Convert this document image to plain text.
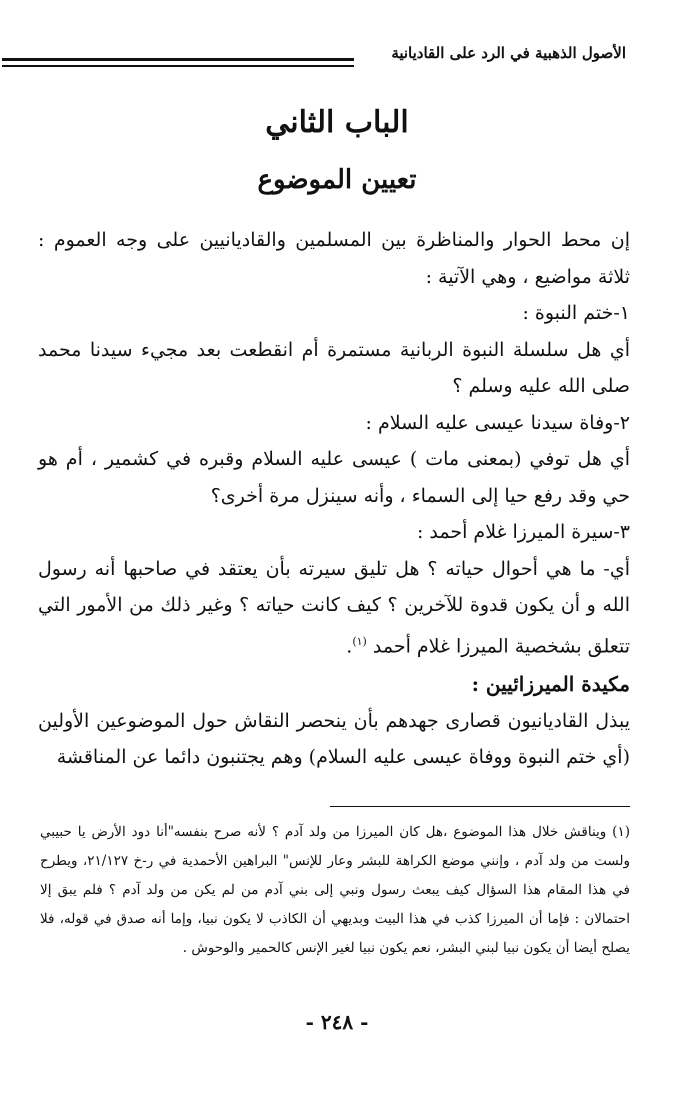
الأصول الذهبية في الرد على القاديانية
الباب الثاني
تعيين الموضوع

إن محط الحوار والمناظرة بين المسلمين والقاديانيين على وجه العموم : ثلاثة مواضيع ، وهي الآتية :

١-ختم النبوة :

أي هل سلسلة النبوة الربانية مستمرة أم انقطعت بعد مجيء سيدنا محمد صلى الله عليه وسلم ؟

٢-وفاة سيدنا عيسى عليه السلام :

أي هل توفي (بمعنى مات ) عيسى عليه السلام وقبره في كشمير ، أم هو حي وقد رفع حيا إلى السماء ، وأنه سينزل مرة أخرى؟

٣-سيرة الميرزا غلام أحمد :

أي- ما هي أحوال حياته ؟ هل تليق سيرته بأن يعتقد في صاحبها أنه رسول الله و أن يكون قدوة للآخرين ؟ كيف كانت حياته ؟ وغير ذلك من الأمور التي تتعلق بشخصية الميرزا غلام أحمد $^{(١)}$.

مكيدة الميرزائيين :

يبذل القاديانيون قصارى جهدهم بأن ينحصر النقاش حول الموضوعين الأولين (أي ختم النبوة ووفاة عيسى عليه السلام) وهم يجتنبون دائما عن المناقشة

(١) ويناقش خلال هذا الموضوع ،هل كان الميرزا من ولد آدم ؟ لأنه صرح بنفسه"أنا دود الأرض يا حبيبي ولست من ولد آدم ، وإنني موضع الكراهة للبشر وعار للإنس" البراهين الأحمدية في ر-خ ٢١/١٢٧، ويطرح في هذا المقام هذا السؤال كيف يبعث رسول ونبي إلى بني آدم من لم يكن من ولد آدم ؟ فلم يبق إلا احتمالان : فإما أن الميرزا كذب في هذا البيت وبديهي أن الكاذب لا يكون نبيا، وإما أنه صدق في قوله، فلا يصلح أيضا أن يكون نبيا لبني البشر، نعم يكون نبيا لغير الإنس كالحمير والوحوش .

- ٢٤٨ -
